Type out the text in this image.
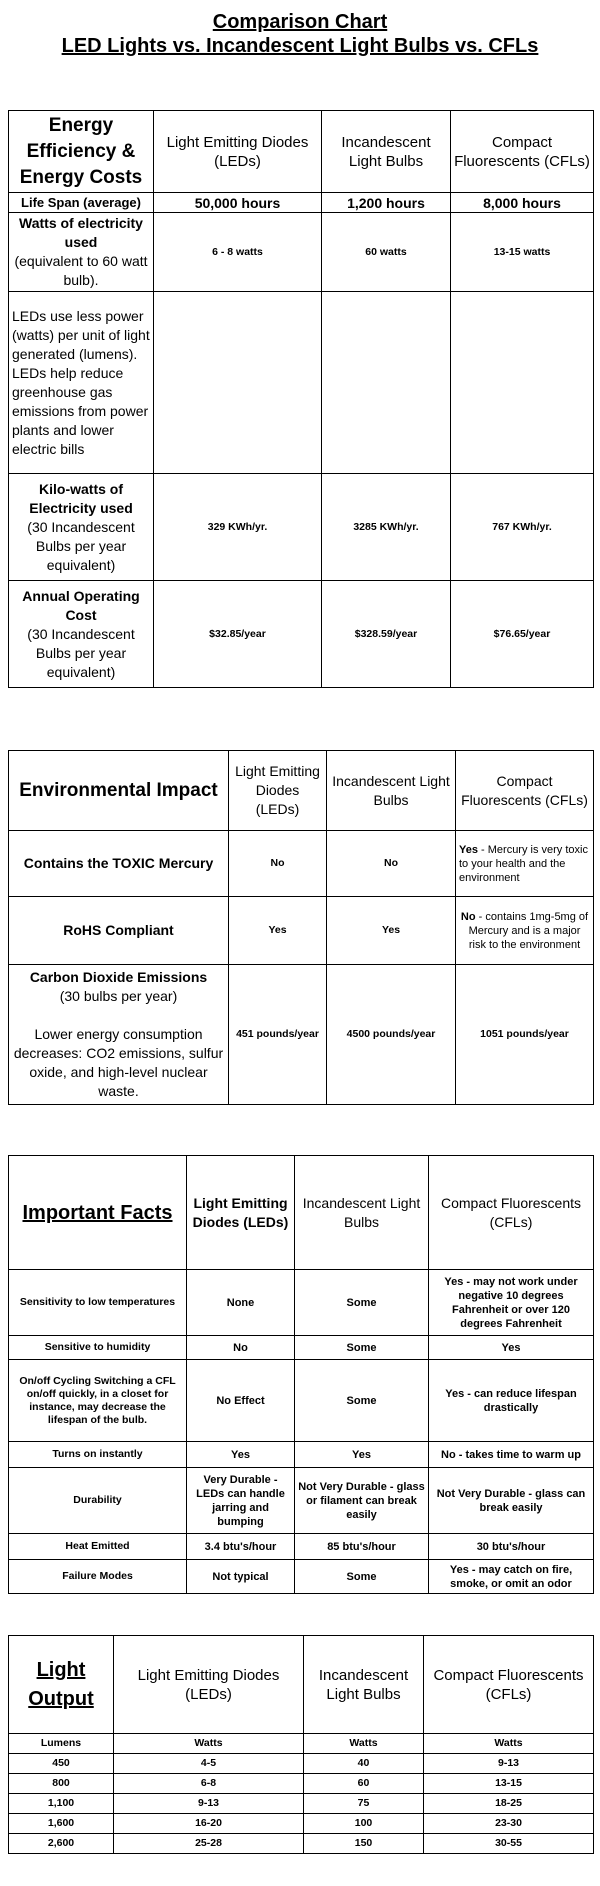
Comparison Chart
LED Lights vs. Incandescent Light Bulbs vs. CFLs
Energy Efficiency & Energy Costs	Light Emitting Diodes (LEDs)	Incandescent Light Bulbs	Compact Fluorescents (CFLs)
Life Span (average)	50,000 hours	1,200 hours	8,000 hours
Watts of electricity used
(equivalent to 60 watt bulb).	6 - 8 watts	60 watts	13-15 watts
LEDs use less power (watts) per unit of light generated (lumens). LEDs help reduce greenhouse gas emissions from power plants and lower electric bills			
Kilo-watts of Electricity used
(30 Incandescent Bulbs per year equivalent)	329 KWh/yr.	3285 KWh/yr.	767 KWh/yr.
Annual Operating Cost
(30 Incandescent Bulbs per year equivalent)	$32.85/year	$328.59/year	$76.65/year
Environmental Impact	Light Emitting Diodes (LEDs)	Incandescent Light Bulbs	Compact Fluorescents (CFLs)
Contains the TOXIC Mercury	No	No	Yes - Mercury is very toxic to your health and the environment
RoHS Compliant	Yes	Yes	No - contains 1mg-5mg of Mercury and is a major risk to the environment
Carbon Dioxide Emissions
(30 bulbs per year)

Lower energy consumption decreases: CO2 emissions, sulfur oxide, and high-level nuclear waste.	451 pounds/year	4500 pounds/year	1051 pounds/year
Important Facts	Light Emitting Diodes (LEDs)	Incandescent Light Bulbs	Compact Fluorescents (CFLs)
Sensitivity to low temperatures	None	Some	Yes - may not work under negative 10 degrees Fahrenheit or over 120 degrees Fahrenheit
Sensitive to humidity	No	Some	Yes
On/off Cycling Switching a CFL on/off quickly, in a closet for instance, may decrease the lifespan of the bulb.	No Effect	Some	Yes - can reduce lifespan drastically
Turns on instantly	Yes	Yes	No - takes time to warm up
Durability	Very Durable - LEDs can handle jarring and bumping	Not Very Durable - glass or filament can break easily	Not Very Durable - glass can break easily
Heat Emitted	3.4 btu's/hour	85 btu's/hour	30 btu's/hour
Failure Modes	Not typical	Some	Yes - may catch on fire, smoke, or omit an odor
Light Output	Light Emitting Diodes (LEDs)	Incandescent Light Bulbs	Compact Fluorescents (CFLs)
Lumens	Watts	Watts	Watts
450	4-5	40	9-13
800	6-8	60	13-15
1,100	9-13	75	18-25
1,600	16-20	100	23-30
2,600	25-28	150	30-55
